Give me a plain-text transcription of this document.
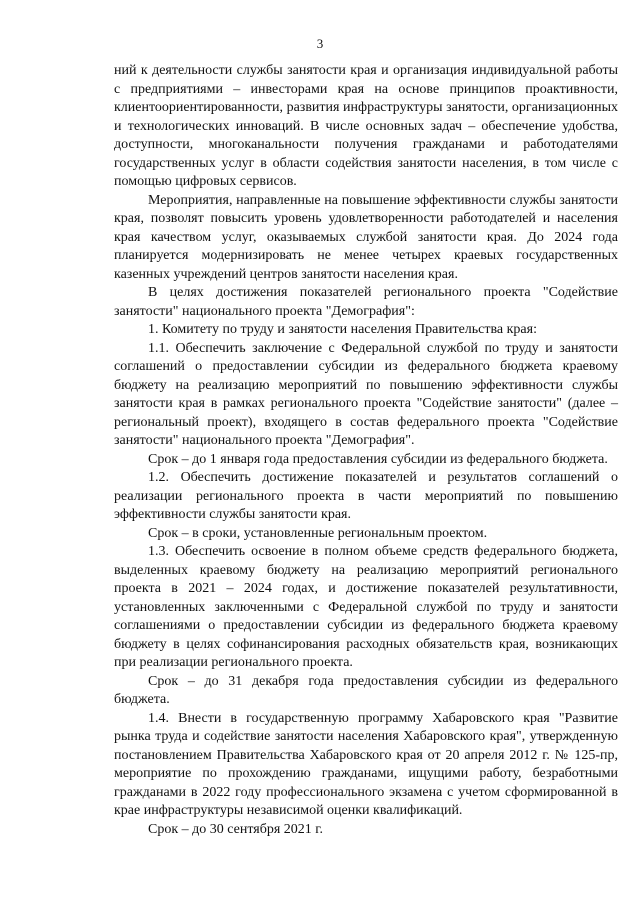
3

ний к деятельности службы занятости края и организация индивидуальной работы с предприятиями – инвесторами края на основе принципов проактивности, клиентоориентированности, развития инфраструктуры занятости, организационных и технологических инноваций. В числе основных задач – обеспечение удобства, доступности, многоканальности получения гражданами и работодателями государственных услуг в области содействия занятости населения, в том числе с помощью цифровых сервисов.

Мероприятия, направленные на повышение эффективности службы занятости края, позволят повысить уровень удовлетворенности работодателей и населения края качеством услуг, оказываемых службой занятости края. До 2024 года планируется модернизировать не менее четырех краевых государственных казенных учреждений центров занятости населения края.

В целях достижения показателей регионального проекта "Содействие занятости" национального проекта "Демография":

1. Комитету по труду и занятости населения Правительства края:

1.1. Обеспечить заключение с Федеральной службой по труду и занятости соглашений о предоставлении субсидии из федерального бюджета краевому бюджету на реализацию мероприятий по повышению эффективности службы занятости края в рамках регионального проекта "Содействие занятости" (далее – региональный проект), входящего в состав федерального проекта "Содействие занятости" национального проекта "Демография".

Срок – до 1 января года предоставления субсидии из федерального бюджета.

1.2. Обеспечить достижение показателей и результатов соглашений о реализации регионального проекта в части мероприятий по повышению эффективности службы занятости края.

Срок – в сроки, установленные региональным проектом.

1.3. Обеспечить освоение в полном объеме средств федерального бюджета, выделенных краевому бюджету на реализацию мероприятий регионального проекта в 2021 – 2024 годах, и достижение показателей результативности, установленных заключенными с Федеральной службой по труду и занятости соглашениями о предоставлении субсидии из федерального бюджета краевому бюджету в целях софинансирования расходных обязательств края, возникающих при реализации регионального проекта.

Срок – до 31 декабря года предоставления субсидии из федерального бюджета.

1.4. Внести в государственную программу Хабаровского края "Развитие рынка труда и содействие занятости населения Хабаровского края", утвержденную постановлением Правительства Хабаровского края от 20 апреля 2012 г. № 125-пр, мероприятие по прохождению гражданами, ищущими работу, безработными гражданами в 2022 году профессионального экзамена с учетом сформированной в крае инфраструктуры независимой оценки квалификаций.

Срок – до 30 сентября 2021 г.
